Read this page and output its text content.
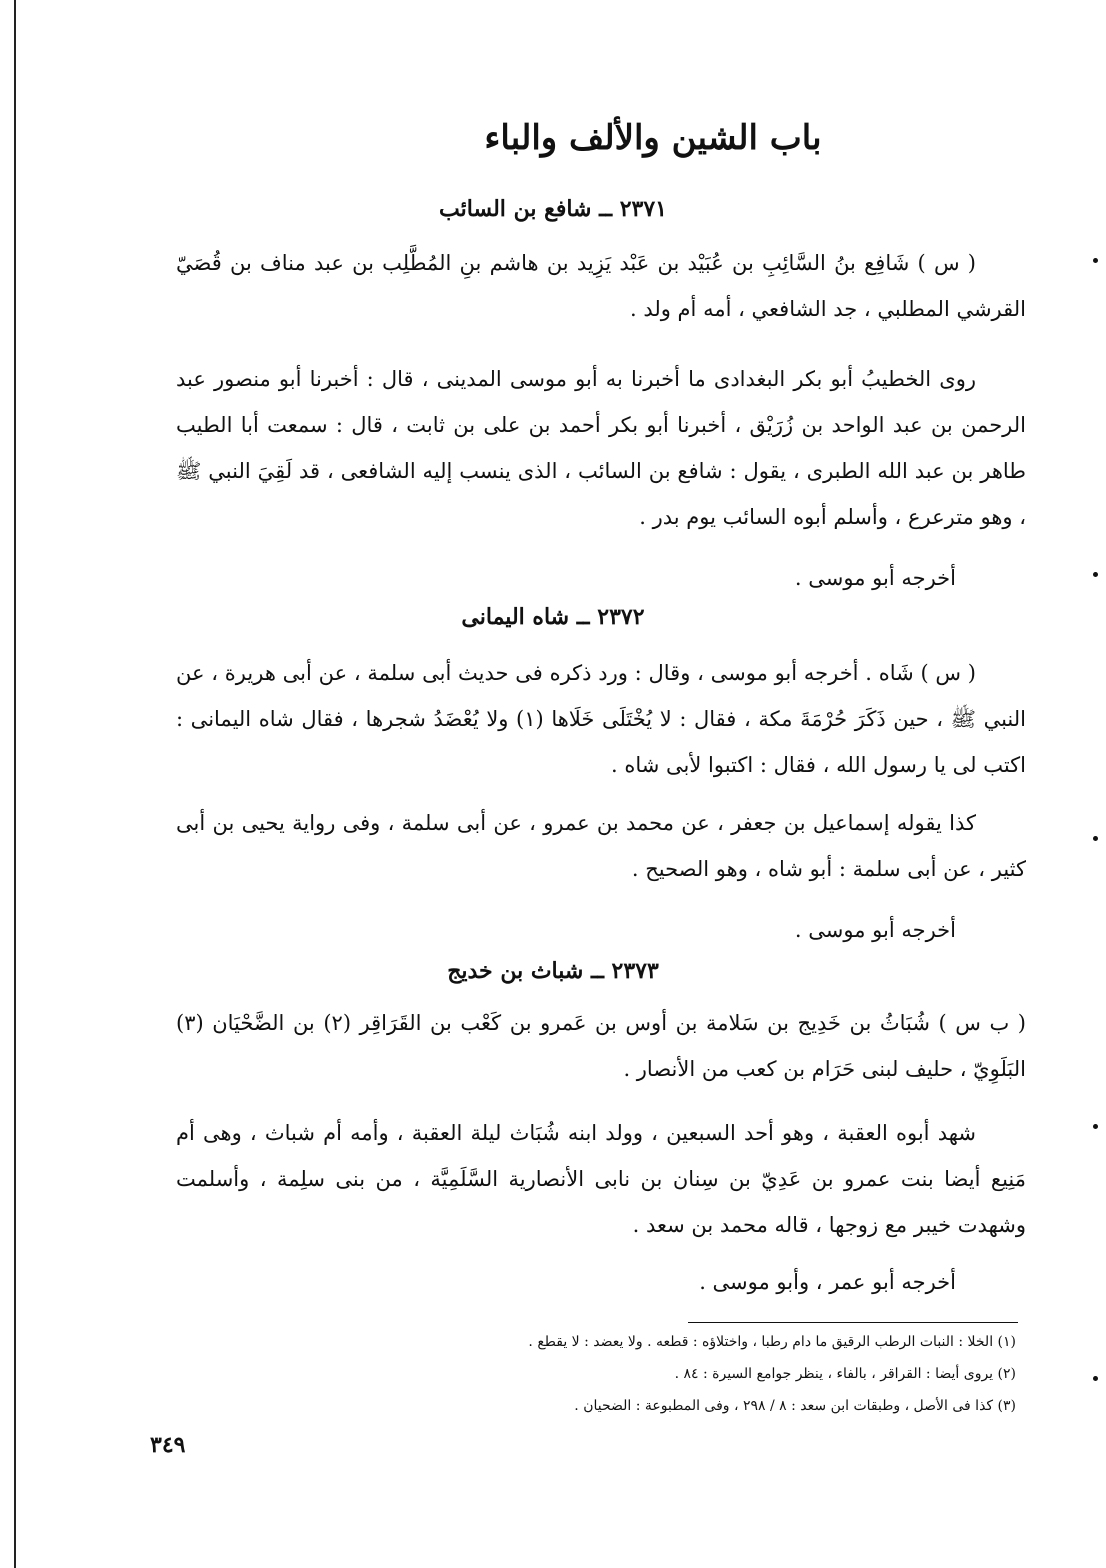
باب الشين والألف والباء
٢٣٧١ ــ شافع بن السائب

( س ) شَافِع بنُ السَّائِبِ بن عُبَيْد بن عَبْد يَزِيد بن هاشم بنِ المُطَّلِب بن عبد مناف بن قُصَيّ القرشي المطلبي ، جد الشافعي ، أمه أم ولد .

روى الخطيبُ أبو بكر البغدادى ما أخبرنا به أبو موسى المدينى ، قال : أخبرنا أبو منصور عبد الرحمن بن عبد الواحد بن زُرَيْق ، أخبرنا أبو بكر أحمد بن على بن ثابت ، قال : سمعت أبا الطيب طاهر بن عبد الله الطبرى ، يقول : شافع بن السائب ، الذى ينسب إليه الشافعى ، قد لَقِيَ النبي ﷺ ، وهو مترعرع ، وأسلم أبوه السائب يوم بدر .

أخرجه أبو موسى .

٢٣٧٢ ــ شاه اليمانى

( س ) شَاه . أخرجه أبو موسى ، وقال : ورد ذكره فى حديث أبى سلمة ، عن أبى هريرة ، عن النبي ﷺ ، حين ذَكَرَ حُرْمَةَ مكة ، فقال : لا يُخْتَلَى خَلَاها (١) ولا يُعْضَدُ شجرها ، فقال شاه اليمانى : اكتب لى يا رسول الله ، فقال : اكتبوا لأبى شاه .

كذا يقوله إسماعيل بن جعفر ، عن محمد بن عمرو ، عن أبى سلمة ، وفى رواية يحيى بن أبى كثير ، عن أبى سلمة : أبو شاه ، وهو الصحيح .

أخرجه أبو موسى .

٢٣٧٣ ــ شباث بن خديج

( ب س ) شُبَاثُ بن خَدِيج بن سَلامة بن أوس بن عَمرو بن كَعْب بن القَرَاقِر (٢) بن الضَّحْيَان (٣) البَلَوِيّ ، حليف لبنى حَرَام بن كعب من الأنصار .

شهد أبوه العقبة ، وهو أحد السبعين ، وولد ابنه شُبَاث ليلة العقبة ، وأمه أم شباث ، وهى أم مَنِيع أيضا بنت عمرو بن عَدِيّ بن سِنان بن نابى الأنصارية السَّلَمِيَّة ، من بنى سلِمة ، وأسلمت وشهدت خيبر مع زوجها ، قاله محمد بن سعد .

أخرجه أبو عمر ، وأبو موسى .

(١) الخلا : النبات الرطب الرقيق ما دام رطبا ، واختلاؤه : قطعه . ولا يعضد : لا يقطع .
(٢) يروى أيضا : القراقر ، بالفاء ، ينظر جوامع السيرة : ٨٤ .
(٣) كذا فى الأصل ، وطبقات ابن سعد : ٨ / ٢٩٨ ، وفى المطبوعة : الضحيان .

٣٤٩
